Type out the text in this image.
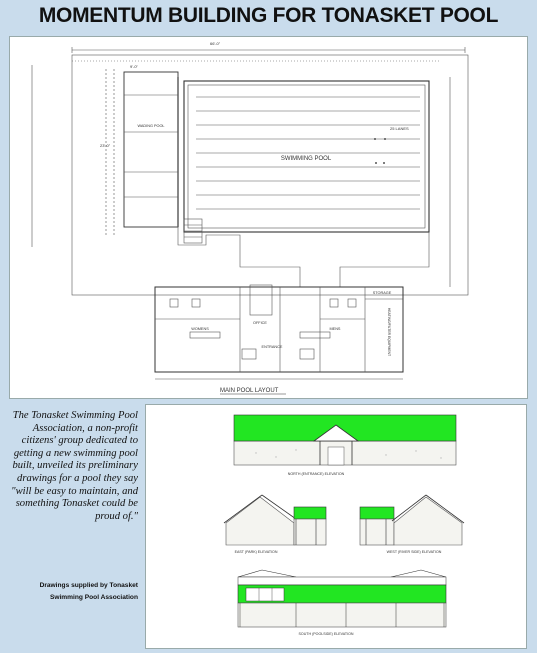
MOMENTUM BUILDING FOR TONASKET POOL
66'-0"
9'-0"
23'-0"
25 LANES
SWIMMING POOL
WADING POOL
WOMENS
OFFICE
MENS
ENTRANCE
STORAGE
HEATING/FILTER EQUIPMENT
MAIN POOL LAYOUT
The Tonasket Swimming Pool Association, a non-profit citizens' group dedicated to getting a new swimming pool built, unveiled its preliminary drawings for a pool they say "will be easy to maintain, and something Tonasket could be proud of."
Drawings supplied by Tonasket
Swimming Pool Association
NORTH (ENTRANCE) ELEVATION
EAST (PARK) ELEVATION	WEST (RIVER SIDE) ELEVATION
SOUTH (POOLSIDE) ELEVATION
